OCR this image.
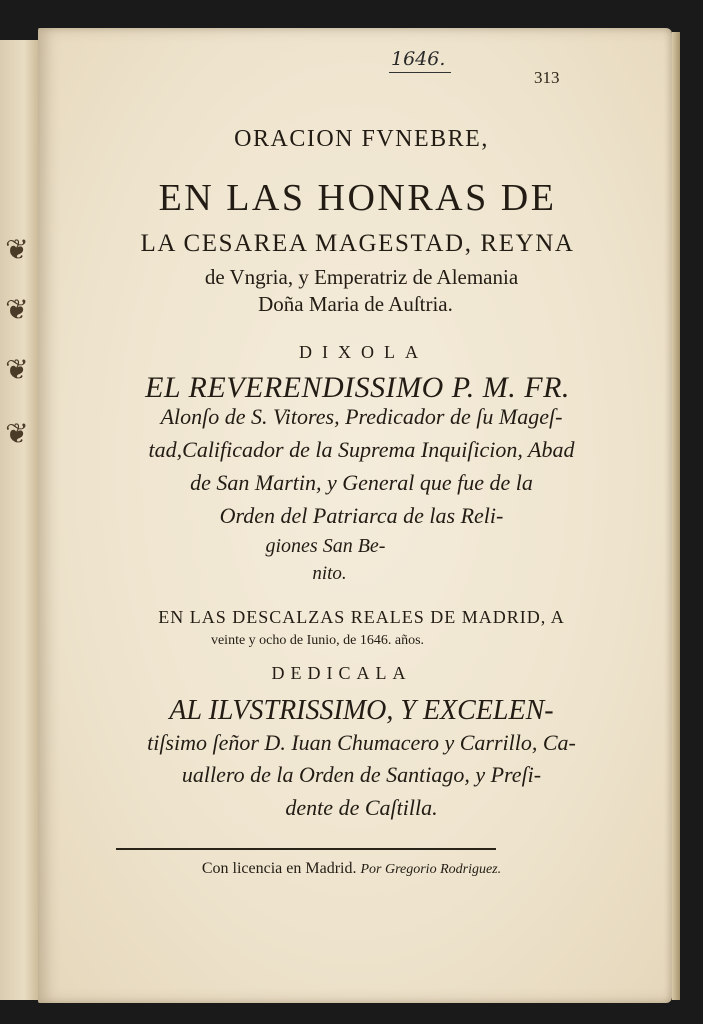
❦
❦
❦
❦
1646.
313
ORACION FVNEBRE,
EN LAS HONRAS DE
LA CESAREA MAGESTAD, REYNA
de Vngria, y Emperatriz de Alemania
Doña Maria de Auſtria.
DIXOLA
EL REVERENDISSIMO P. M. FR.
Alonſo de S. Vitores, Predicador de ſu Mageſ-
tad,Calificador de la Suprema Inquiſicion, Abad
de San Martin, y General que fue de la
Orden del Patriarca de las Reli-
giones San Be-
nito.
EN LAS DESCALZAS REALES DE MADRID, A
veinte y ocho de Iunio, de 1646. años.
DEDICALA
AL ILVSTRISSIMO, Y EXCELEN-
tiſsimo ſeñor D. Iuan Chumacero y Carrillo, Ca-
uallero de la Orden de Santiago, y Preſi-
dente de Caſtilla.
Con licencia en Madrid. Por Gregorio Rodriguez.
